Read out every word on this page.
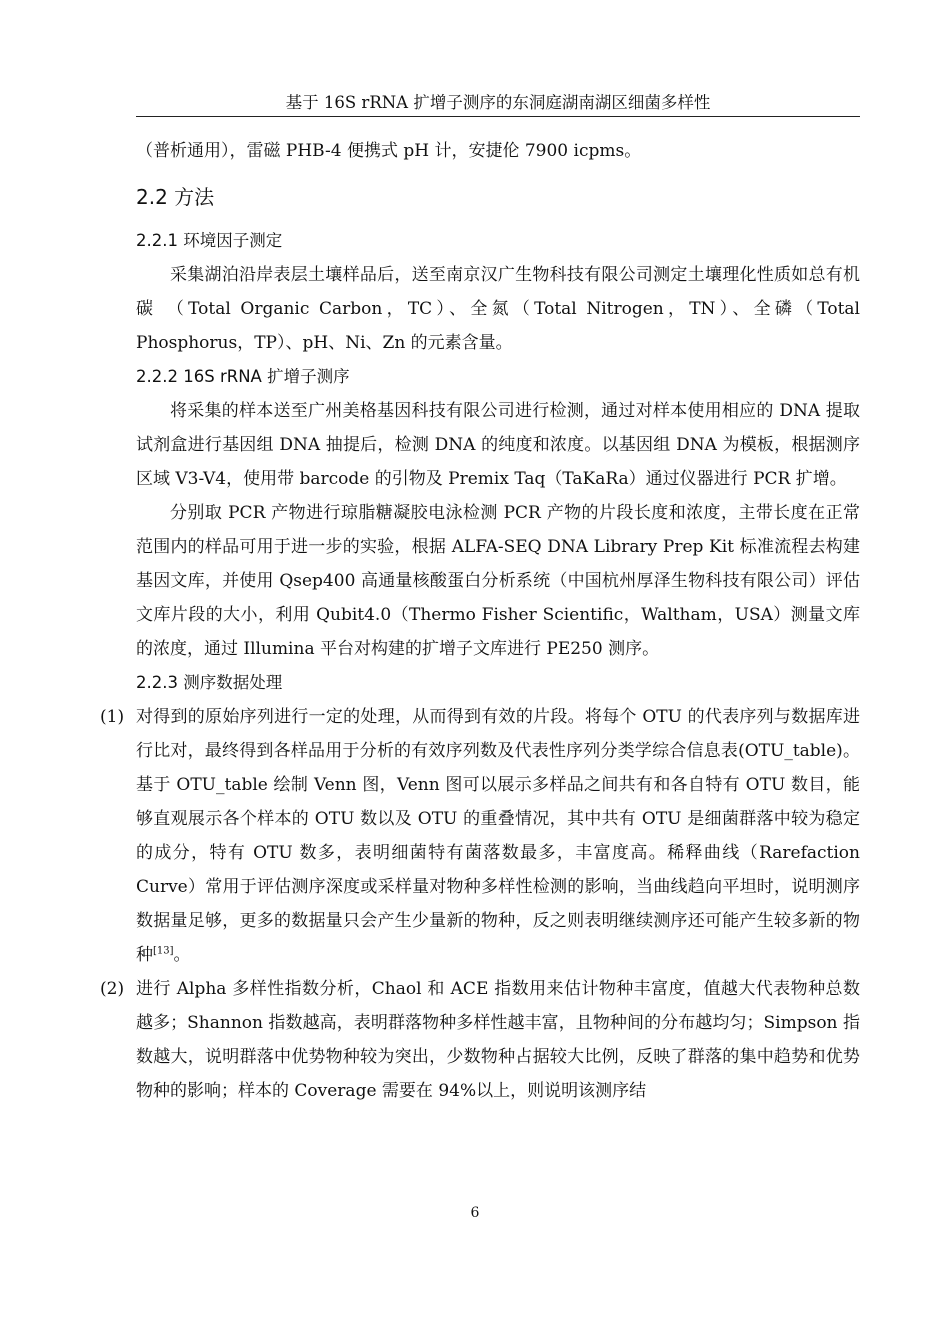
基于 16S rRNA 扩增子测序的东洞庭湖南湖区细菌多样性

（普析通用），雷磁 PHB-4 便携式 pH 计，安捷伦 7900 icpms。

2.2 方法
2.2.1 环境因子测定

采集湖泊沿岸表层土壤样品后，送至南京汉广生物科技有限公司测定土壤理化性质如总有机碳 （Total Organic Carbon，TC）、全氮（Total Nitrogen，TN）、全磷（Total Phosphorus，TP）、pH、Ni、Zn 的元素含量。

2.2.2 16S rRNA 扩增子测序

将采集的样本送至广州美格基因科技有限公司进行检测，通过对样本使用相应的 DNA 提取试剂盒进行基因组 DNA 抽提后，检测 DNA 的纯度和浓度。以基因组 DNA 为模板，根据测序区域 V3-V4，使用带 barcode 的引物及 Premix Taq（TaKaRa）通过仪器进行 PCR 扩增。

分别取 PCR 产物进行琼脂糖凝胶电泳检测 PCR 产物的片段长度和浓度，主带长度在正常范围内的样品可用于进一步的实验，根据 ALFA-SEQ DNA Library Prep Kit 标准流程去构建基因文库，并使用 Qsep400 高通量核酸蛋白分析系统（中国杭州厚泽生物科技有限公司）评估文库片段的大小，利用 Qubit4.0（Thermo Fisher Scientific，Waltham，USA）测量文库的浓度，通过 Illumina 平台对构建的扩增子文库进行 PE250 测序。

2.2.3 测序数据处理
(1) 对得到的原始序列进行一定的处理，从而得到有效的片段。将每个 OTU 的代表序列与数据库进行比对，最终得到各样品用于分析的有效序列数及代表性序列分类学综合信息表(OTU_table)。基于 OTU_table 绘制 Venn 图，Venn 图可以展示多样品之间共有和各自特有 OTU 数目，能够直观展示各个样本的 OTU 数以及 OTU 的重叠情况，其中共有 OTU 是细菌群落中较为稳定的成分，特有 OTU 数多，表明细菌特有菌落数最多，丰富度高。稀释曲线（Rarefaction Curve）常用于评估测序深度或采样量对物种多样性检测的影响，当曲线趋向平坦时，说明测序数据量足够，更多的数据量只会产生少量新的物种，反之则表明继续测序还可能产生较多新的物种[13]。

(2) 进行 Alpha 多样性指数分析，Chaol 和 ACE 指数用来估计物种丰富度，值越大代表物种总数越多；Shannon 指数越高，表明群落物种多样性越丰富，且物种间的分布越均匀；Simpson 指数越大，说明群落中优势物种较为突出，少数物种占据较大比例，反映了群落的集中趋势和优势物种的影响；样本的 Coverage 需要在 94%以上，则说明该测序结

6
